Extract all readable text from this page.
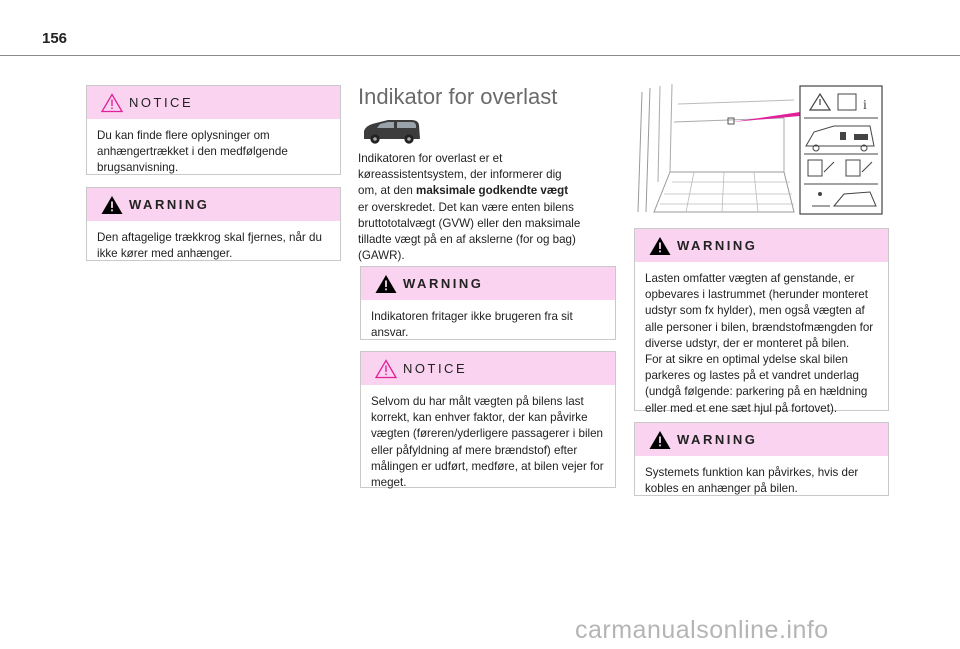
156
NOTICE
Du kan finde flere oplysninger om
anhængertrækket i den medfølgende
brugsanvisning.
WARNING
Den aftagelige trækkrog skal fjernes, når du
ikke kører med anhænger.
Indikator for overlast
Indikatoren for overlast er et
køreassistentsystem, der informerer dig
om, at den maksimale godkendte vægt
er overskredet. Det kan være enten bilens
bruttototalvægt (GVW) eller den maksimale
tilladte vægt på en af akslerne (for og bag)
(GAWR).
WARNING
Indikatoren fritager ikke brugeren fra sit
ansvar.
NOTICE
Selvom du har målt vægten på bilens last
korrekt, kan enhver faktor, der kan påvirke
vægten (føreren/yderligere passagerer i bilen
eller påfyldning af mere brændstof) efter
målingen er udført, medføre, at bilen vejer for
meget.
i
WARNING
Lasten omfatter vægten af genstande, er
opbevares i lastrummet (herunder monteret
udstyr som fx hylder), men også vægten af
alle personer i bilen, brændstofmængden for
diverse udstyr, der er monteret på bilen.
For at sikre en optimal ydelse skal bilen
parkeres og lastes på et vandret underlag
(undgå følgende: parkering på en hældning
eller med et ene sæt hjul på fortovet).
WARNING
Systemets funktion kan påvirkes, hvis der
kobles en anhænger på bilen.
carmanualsonline.info
